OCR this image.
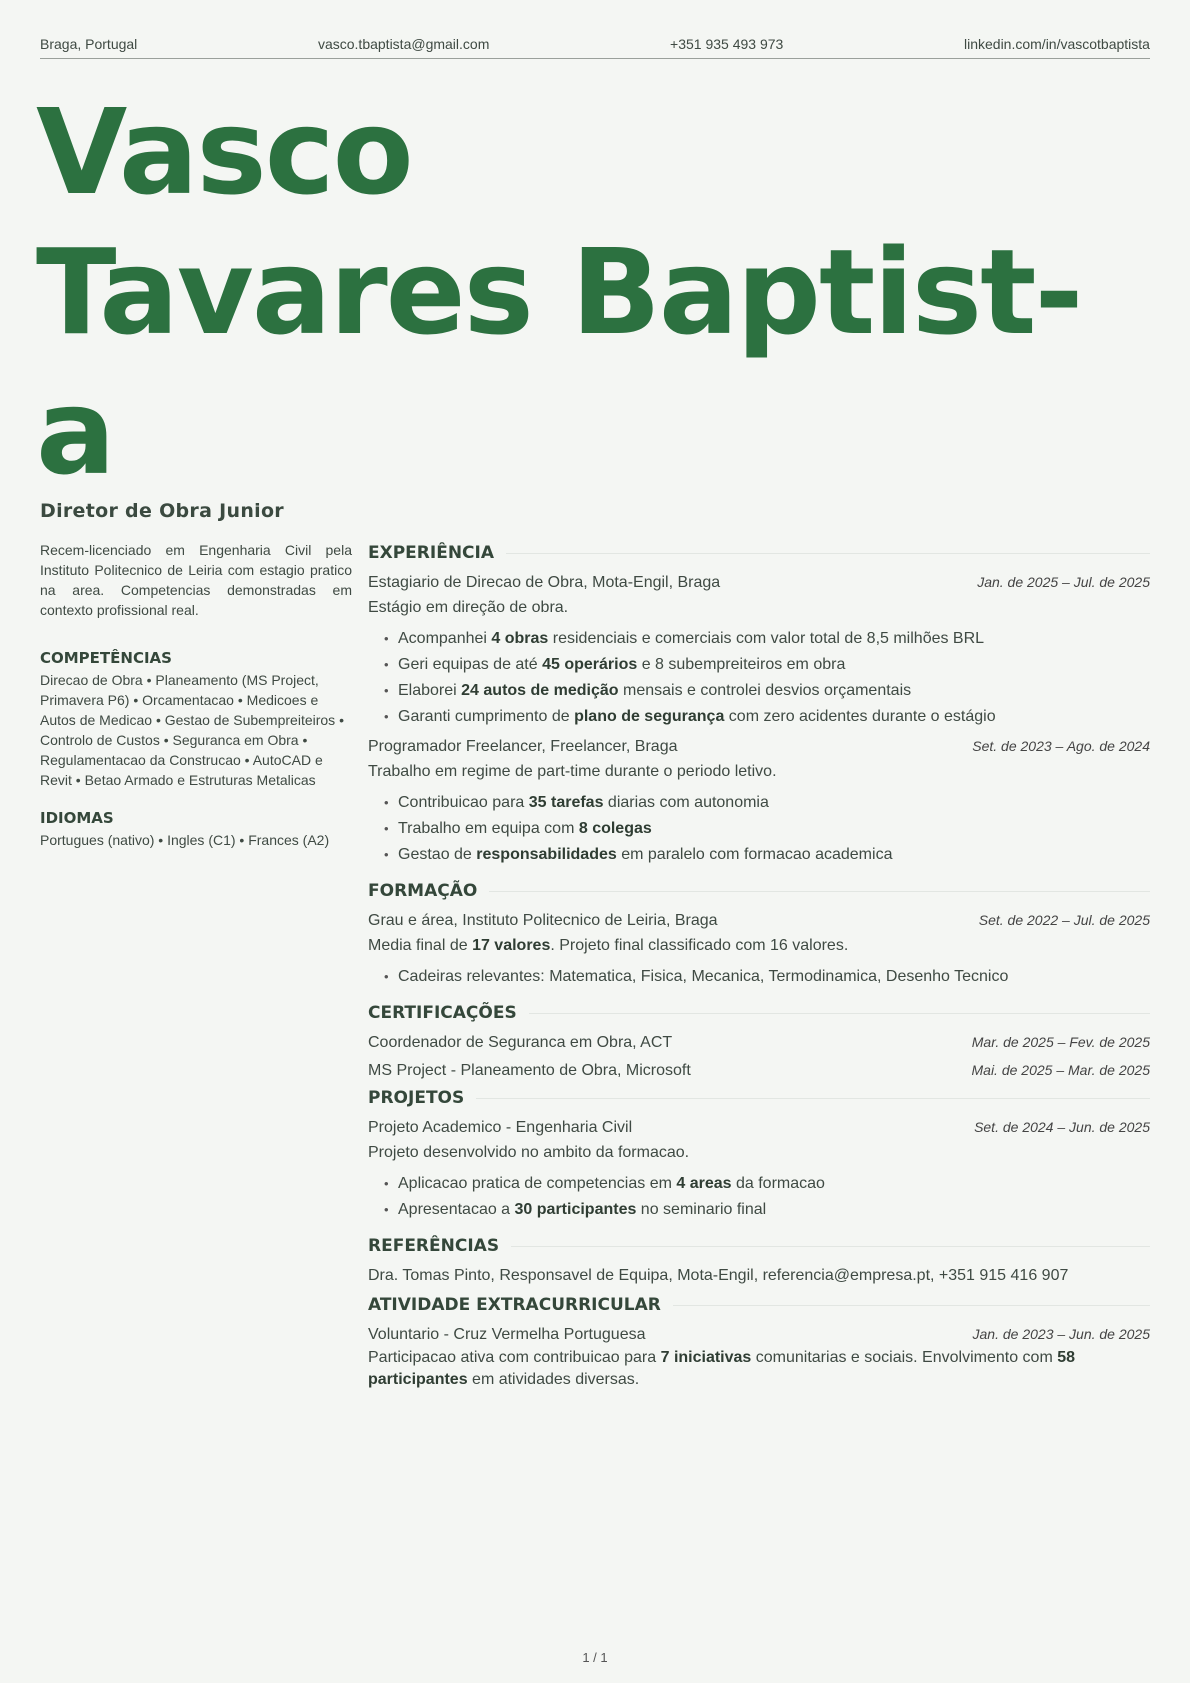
Braga, Portugal	vasco.tbaptista@gmail.com	+351 935 493 973	linkedin.com/in/vascotbaptista
Vasco
Tavares Baptist-
a
Diretor de Obra Junior

Recem-licenciado em Engenharia Civil pela Instituto Politecnico de Leiria com estagio pratico na area. Competencias demonstradas em contexto profissional real.

COMPETÊNCIAS
Direcao de Obra • Planeamento (MS Project, Primavera P6) • Orcamentacao • Medicoes e Autos de Medicao • Gestao de Subempreiteiros • Controlo de Custos • Seguranca em Obra • Regulamentacao da Construcao • AutoCAD e Revit • Betao Armado e Estruturas Metalicas
IDIOMAS
Portugues (nativo) • Ingles (C1) • Frances (A2)
EXPERIÊNCIA
Estagiario de Direcao de Obra, Mota-Engil, Braga	Jan. de 2025 – Jul. de 2025
Estágio em direção de obra.
• Acompanhei 4 obras residenciais e comerciais com valor total de 8,5 milhões BRL
• Geri equipas de até 45 operários e 8 subempreiteiros em obra
• Elaborei 24 autos de medição mensais e controlei desvios orçamentais
• Garanti cumprimento de plano de segurança com zero acidentes durante o estágio
Programador Freelancer, Freelancer, Braga	Set. de 2023 – Ago. de 2024
Trabalho em regime de part-time durante o periodo letivo.
• Contribuicao para 35 tarefas diarias com autonomia
• Trabalho em equipa com 8 colegas
• Gestao de responsabilidades em paralelo com formacao academica
FORMAÇÃO
Grau e área, Instituto Politecnico de Leiria, Braga	Set. de 2022 – Jul. de 2025
Media final de 17 valores. Projeto final classificado com 16 valores.
• Cadeiras relevantes: Matematica, Fisica, Mecanica, Termodinamica, Desenho Tecnico
CERTIFICAÇÕES
Coordenador de Seguranca em Obra, ACT	Mar. de 2025 – Fev. de 2025
MS Project - Planeamento de Obra, Microsoft	Mai. de 2025 – Mar. de 2025
PROJETOS
Projeto Academico - Engenharia Civil	Set. de 2024 – Jun. de 2025
Projeto desenvolvido no ambito da formacao.
• Aplicacao pratica de competencias em 4 areas da formacao
• Apresentacao a 30 participantes no seminario final
REFERÊNCIAS
Dra. Tomas Pinto, Responsavel de Equipa, Mota-Engil, referencia@empresa.pt, +351 915 416 907
ATIVIDADE EXTRACURRICULAR
Voluntario - Cruz Vermelha Portuguesa	Jan. de 2023 – Jun. de 2025
Participacao ativa com contribuicao para 7 iniciativas comunitarias e sociais. Envolvimento com 58 participantes em atividades diversas.
1 / 1
